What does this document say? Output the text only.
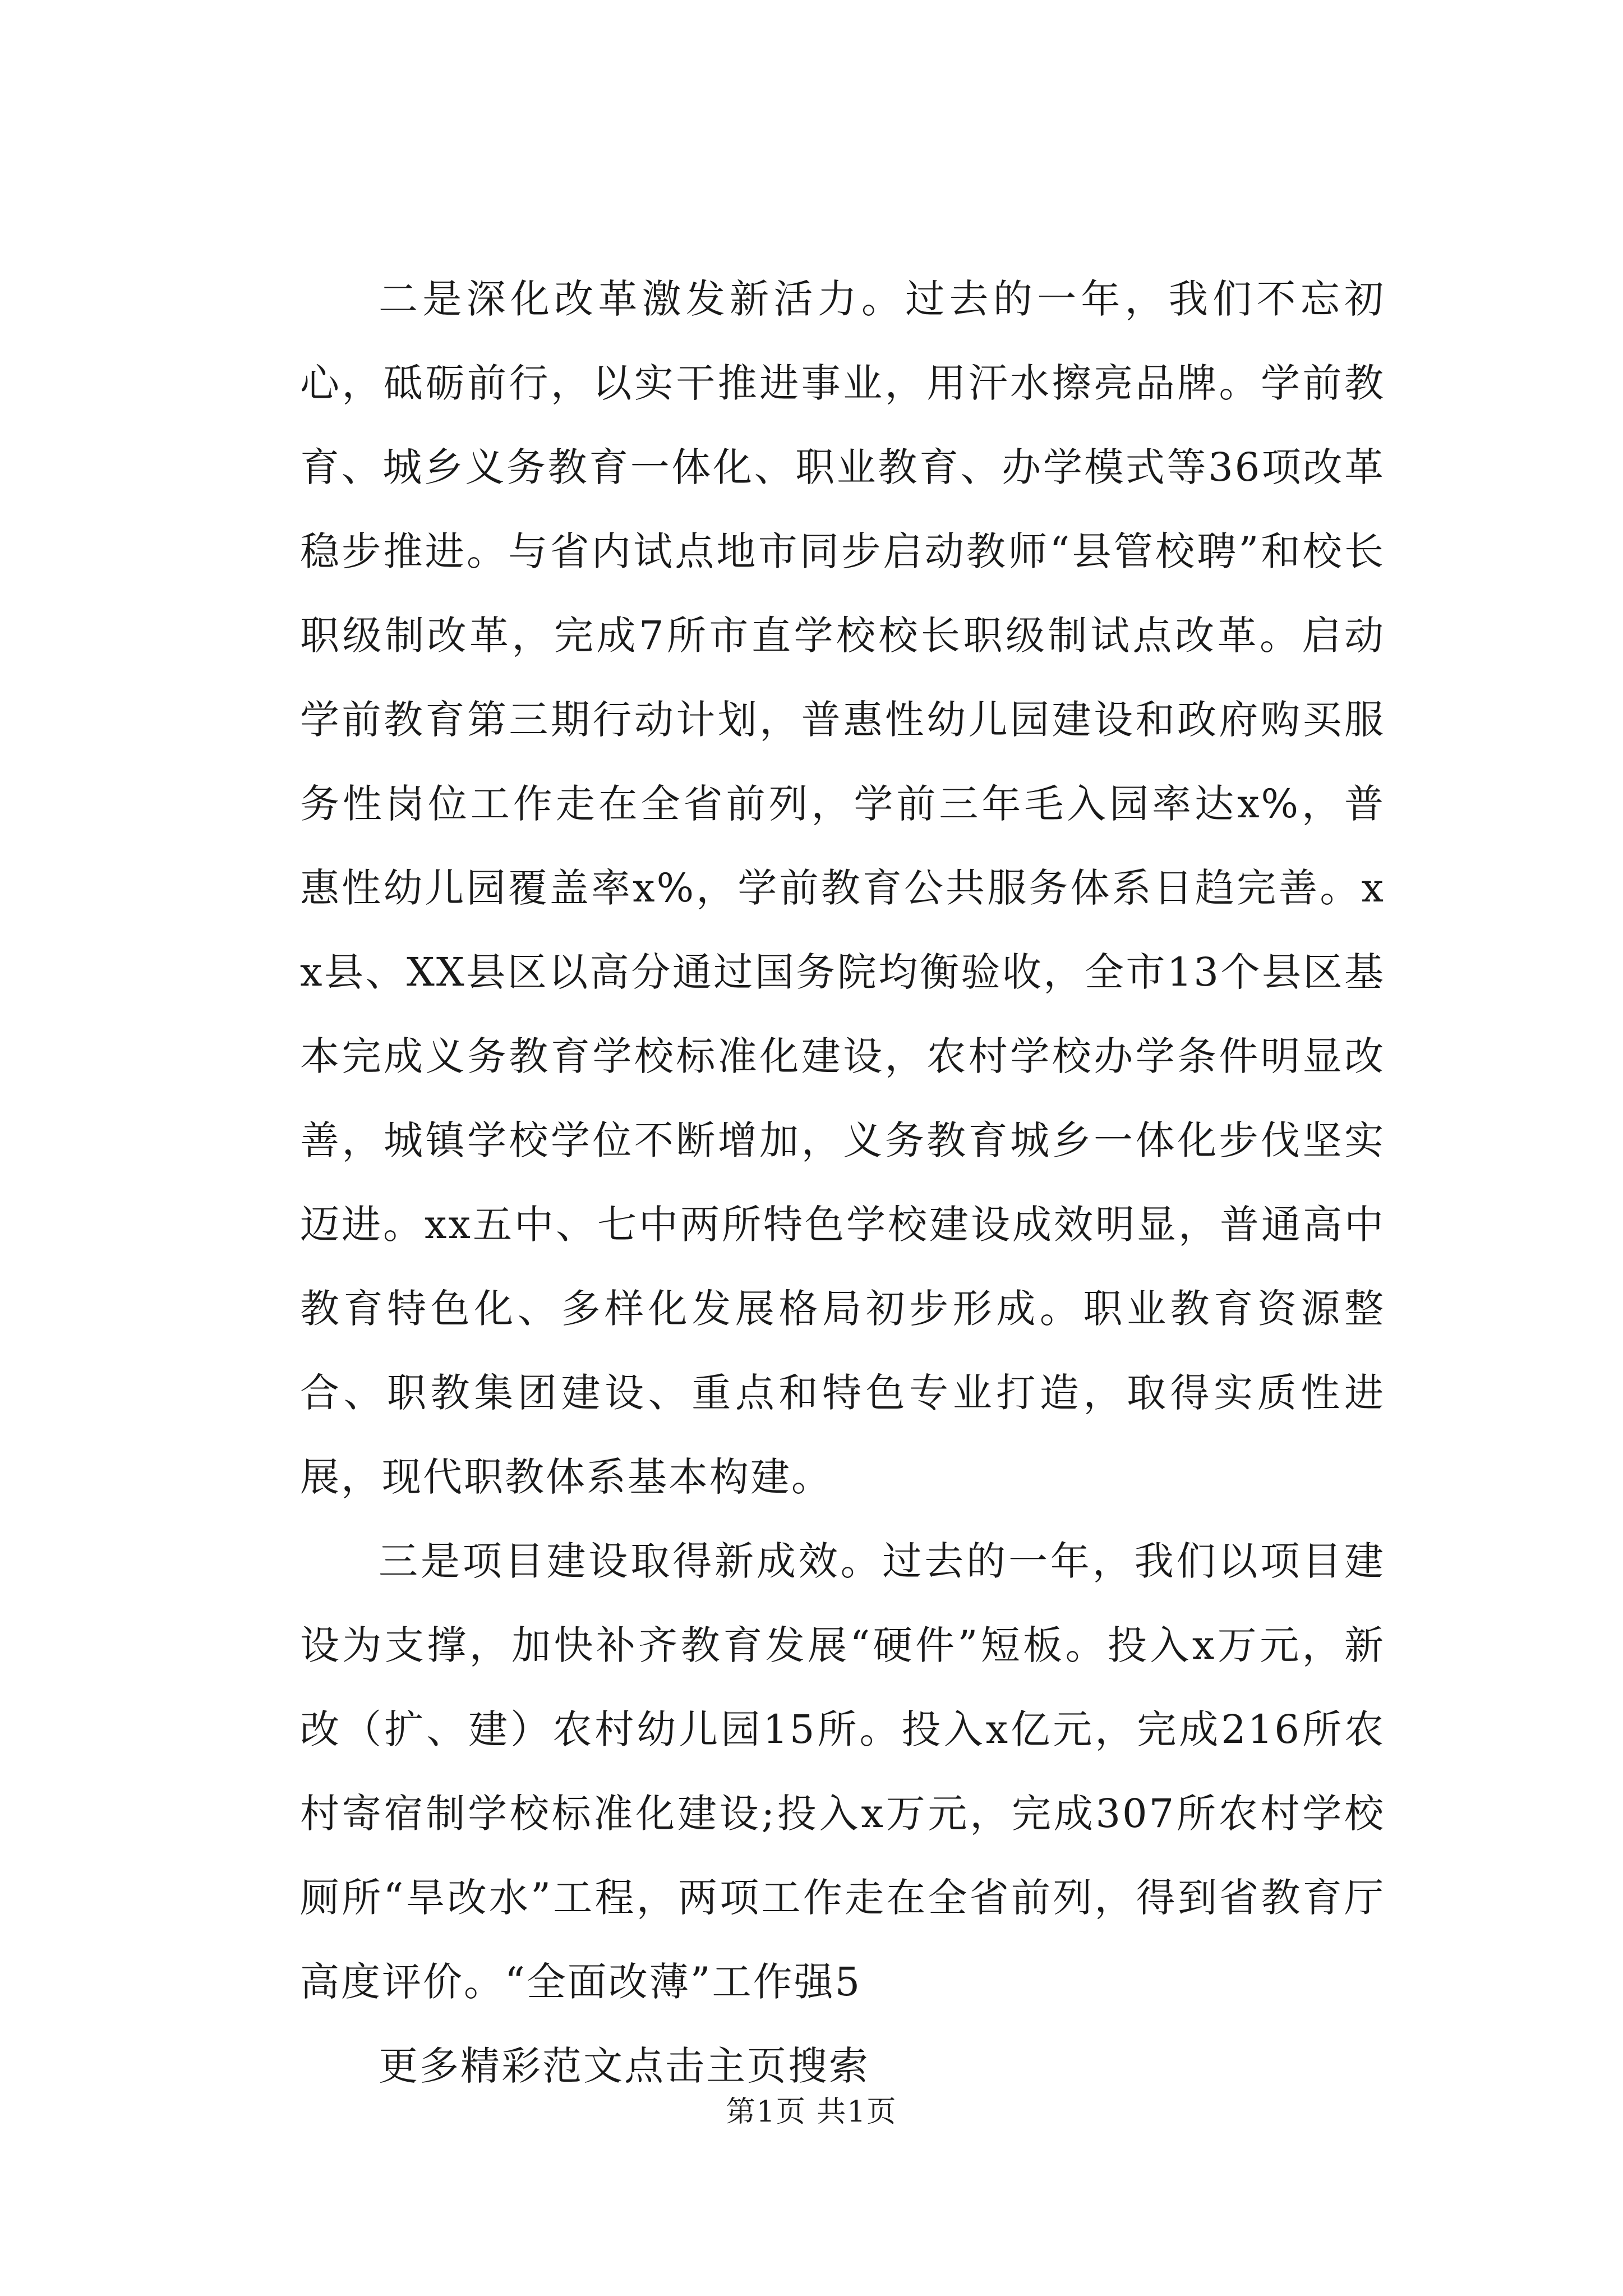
二是深化改革激发新活力。过去的一年，我们不忘初心，砥砺前行，以实干推进事业，用汗水擦亮品牌。学前教育、城乡义务教育一体化、职业教育、办学模式等36项改革稳步推进。与省内试点地市同步启动教师“县管校聘”和校长职级制改革，完成7所市直学校校长职级制试点改革。启动学前教育第三期行动计划，普惠性幼儿园建设和政府购买服务性岗位工作走在全省前列，学前三年毛入园率达x%，普惠性幼儿园覆盖率x%，学前教育公共服务体系日趋完善。xx县、XX县区以高分通过国务院均衡验收，全市13个县区基本完成义务教育学校标准化建设，农村学校办学条件明显改善，城镇学校学位不断增加，义务教育城乡一体化步伐坚实迈进。xx五中、七中两所特色学校建设成效明显，普通高中教育特色化、多样化发展格局初步形成。职业教育资源整合、职教集团建设、重点和特色专业打造，取得实质性进展，现代职教体系基本构建。

三是项目建设取得新成效。过去的一年，我们以项目建设为支撑，加快补齐教育发展“硬件”短板。投入x万元，新改（扩、建）农村幼儿园15所。投入x亿元，完成216所农村寄宿制学校标准化建设;投入x万元，完成307所农村学校厕所“旱改水”工程，两项工作走在全省前列，得到省教育厅高度评价。“全面改薄”工作强5

更多精彩范文点击主页搜索

第1页 共1页
